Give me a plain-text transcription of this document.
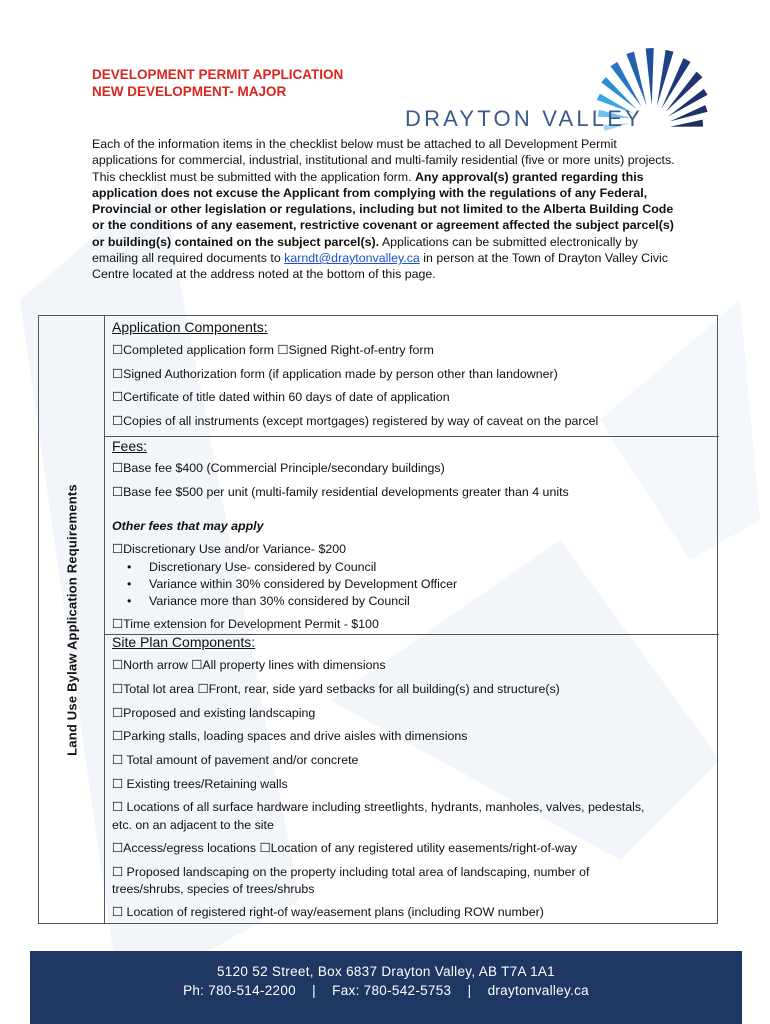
DEVELOPMENT PERMIT APPLICATION
NEW DEVELOPMENT- MAJOR
DRAYTON VALLEY
Each of the information items in the checklist below must be attached to all Development Permit applications for commercial, industrial, institutional and multi-family residential (five or more units) projects. This checklist must be submitted with the application form. Any approval(s) granted regarding this application does not excuse the Applicant from complying with the regulations of any Federal, Provincial or other legislation or regulations, including but not limited to the Alberta Building Code or the conditions of any easement, restrictive covenant or agreement affected the subject parcel(s) or building(s) contained on the subject parcel(s). Applications can be submitted electronically by emailing all required documents to karndt@draytonvalley.ca in person at the Town of Drayton Valley Civic Centre located at the address noted at the bottom of this page.
Land Use Bylaw Application Requirements
Application Components:
☐Completed application form ☐Signed Right-of-entry form
☐Signed Authorization form (if application made by person other than landowner)
☐Certificate of title dated within 60 days of date of application
☐Copies of all instruments (except mortgages) registered by way of caveat on the parcel
Fees:
☐Base fee $400 (Commercial Principle/secondary buildings)
☐Base fee $500 per unit (multi-family residential developments greater than 4 units
Other fees that may apply
☐Discretionary Use and/or Variance- $200
• Discretionary Use- considered by Council
• Variance within 30% considered by Development Officer
• Variance more than 30% considered by Council
☐Time extension for Development Permit - $100
Site Plan Components:
☐North arrow ☐All property lines with dimensions
☐Total lot area ☐Front, rear, side yard setbacks for all building(s) and structure(s)
☐Proposed and existing landscaping
☐Parking stalls, loading spaces and drive aisles with dimensions
☐ Total amount of pavement and/or concrete
☐ Existing trees/Retaining walls
☐ Locations of all surface hardware including streetlights, hydrants, manholes, valves, pedestals,
etc. on an adjacent to the site
☐Access/egress locations ☐Location of any registered utility easements/right-of-way
☐ Proposed landscaping on the property including total area of landscaping, number of
trees/shrubs, species of trees/shrubs
☐ Location of registered right-of way/easement plans (including ROW number)
5120 52 Street, Box 6837 Drayton Valley, AB T7A 1A1
Ph: 780-514-2200 | Fax: 780-542-5753 | draytonvalley.ca
